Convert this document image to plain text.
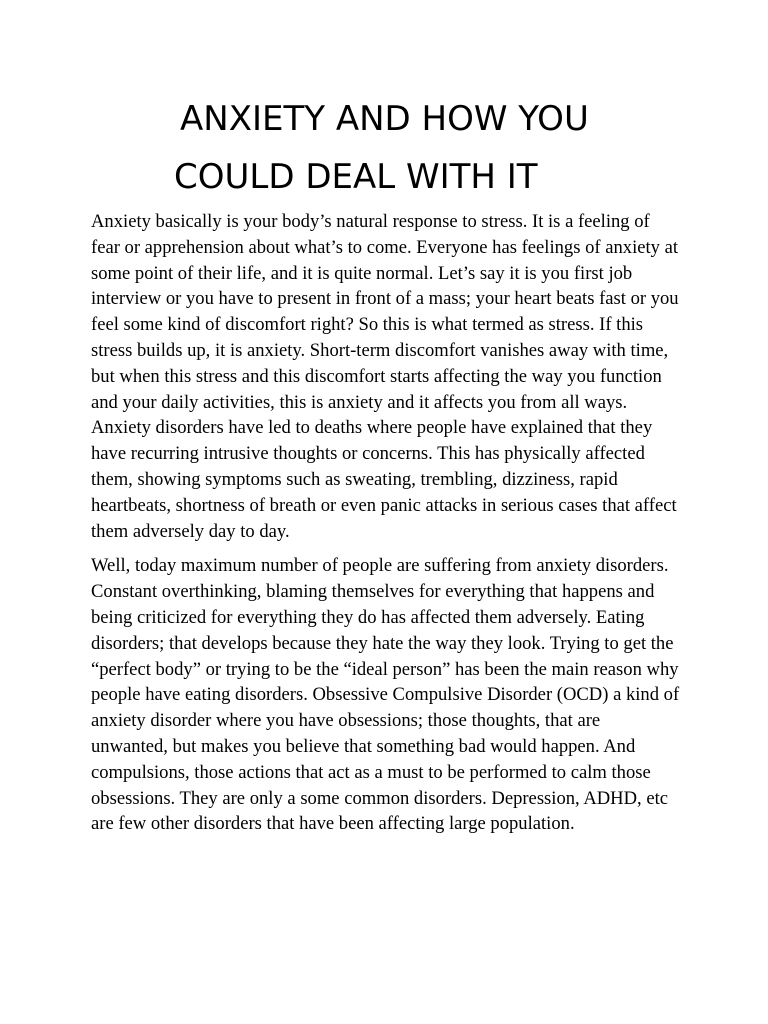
ANXIETY AND HOW YOU
COULD DEAL WITH IT

Anxiety basically is your body’s natural response to stress. It is a feeling of fear or apprehension about what’s to come. Everyone has feelings of anxiety at some point of their life, and it is quite normal. Let’s say it is you first job interview or you have to present in front of a mass; your heart beats fast or you feel some kind of discomfort right? So this is what termed as stress. If this stress builds up, it is anxiety. Short-term discomfort vanishes away with time, but when this stress and this discomfort starts affecting the way you function and your daily activities, this is anxiety and it affects you from all ways. Anxiety disorders have led to deaths where people have explained that they have recurring intrusive thoughts or concerns. This has physically affected them, showing symptoms such as sweating, trembling, dizziness, rapid heartbeats, shortness of breath or even panic attacks in serious cases that affect them adversely day to day.

Well, today maximum number of people are suffering from anxiety disorders. Constant overthinking, blaming themselves for everything that happens and being criticized for everything they do has affected them adversely. Eating disorders; that develops because they hate the way they look. Trying to get the “perfect body” or trying to be the “ideal person” has been the main reason why people have eating disorders. Obsessive Compulsive Disorder (OCD) a kind of anxiety disorder where you have obsessions; those thoughts, that are unwanted, but makes you believe that something bad would happen. And compulsions, those actions that act as a must to be performed to calm those obsessions. They are only a some common disorders. Depression, ADHD, etc are few other disorders that have been affecting large population.
